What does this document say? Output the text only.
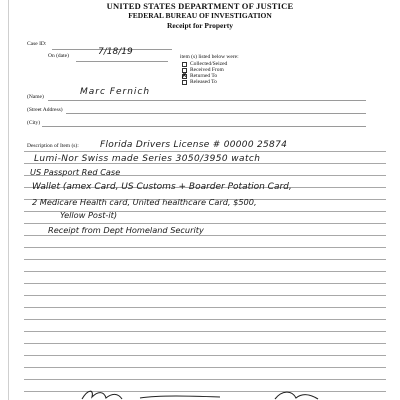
UNITED STATES DEPARTMENT OF JUSTICE
FEDERAL BUREAU OF INVESTIGATION
Receipt for Property
Case ID:
On (date)	7/18/19	item (s) listed below were:
Collected/Seized
Received From
✗ Returned To
Released To
(Name)	Marc Fernich
(Street Address)
(City)
Description of Item (s): Florida Drivers License # 00000 25874
Lumi-Nor Swiss made Series 3050/3950 watch
US Passport Red Case
Wallet (amex Card, US Customs + Boarder Potation Card,
2 Medicare Health card, United healthcare Card, $500,
Yellow Post-it)
Receipt from Dept Homeland Security
